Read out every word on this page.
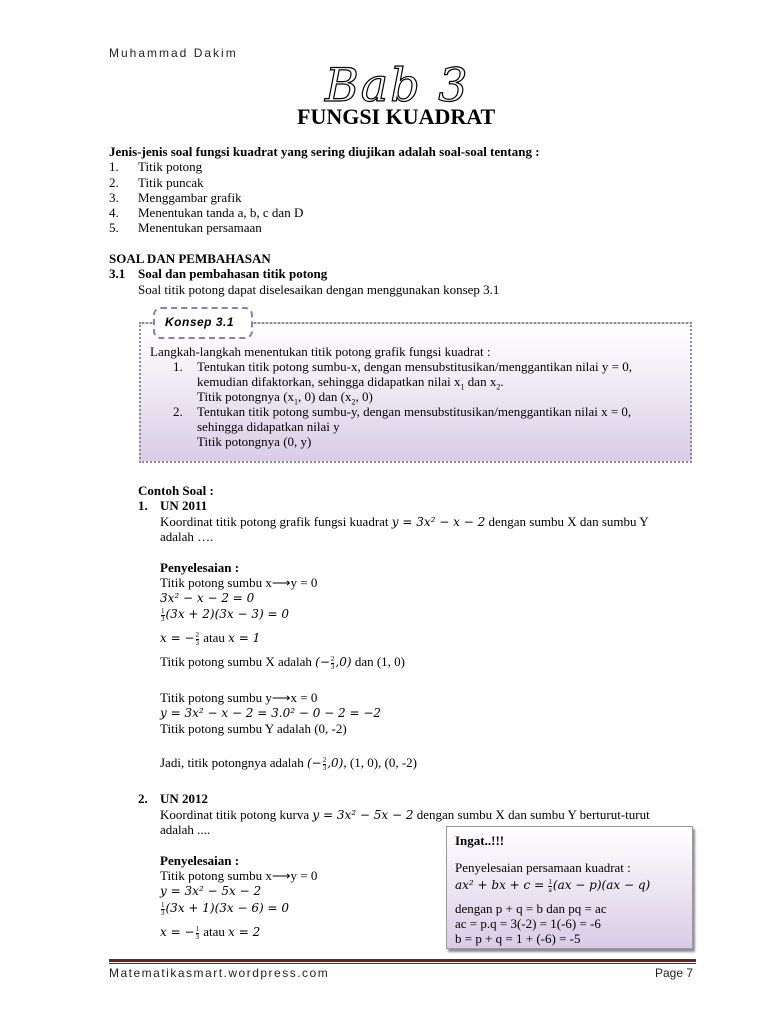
Muhammad Dakim
Bab 3
FUNGSI KUADRAT
Jenis-jenis soal fungsi kuadrat yang sering diujikan adalah soal-soal tentang :
1. Titik potong
2. Titik puncak
3. Menggambar grafik
4. Menentukan tanda a, b, c dan D
5. Menentukan persamaan
SOAL DAN PEMBAHASAN
3.1 Soal dan pembahasan titik potong
Soal titik potong dapat diselesaikan dengan menggunakan konsep 3.1
Konsep 3.1
Langkah-langkah menentukan titik potong grafik fungsi kuadrat :
1. Tentukan titik potong sumbu-x, dengan mensubstitusikan/menggantikan nilai y = 0,
kemudian difaktorkan, sehingga didapatkan nilai $x_1$ dan $x_2$.
Titik potongnya ($x_1$, 0) dan ($x_2$, 0)
2. Tentukan titik potong sumbu-y, dengan mensubstitusikan/menggantikan nilai x = 0,
sehingga didapatkan nilai y
Titik potongnya (0, y)
Contoh Soal :
1. UN 2011
Koordinat titik potong grafik fungsi kuadrat y = 3x² − x − 2 dengan sumbu X dan sumbu Y
adalah ….
Penyelesaian :
Titik potong sumbu x⟶y = 0
3x² − x − 2 = 0
$\frac{1}{3} (3x + 2)(3x - 3) = 0$
x = − $\frac{2}{3}$ atau x = 1
Titik potong sumbu X adalah (− $\frac{2}{3} ,0$) dan (1, 0)
Titik potong sumbu y⟶x = 0
y = 3x² − x − 2 = 3.0² − 0 − 2 = −2
Titik potong sumbu Y adalah (0, -2)
Jadi, titik potongnya adalah (− $\frac{2}{3} ,0$), (1, 0), (0, -2)
2. UN 2012
Koordinat titik potong kurva y = 3x² − 5x − 2 dengan sumbu X dan sumbu Y berturut-turut
adalah ....
Penyelesaian :
Titik potong sumbu x⟶y = 0
y = 3x² − 5x − 2
$\frac{1}{3} (3x + 1)(3x - 6) = 0$
x = − $\frac{1}{3}$ atau x = 2
Ingat..!!!
Penyelesaian persamaan kuadrat :
ax² + bx + $c = \frac{1}{a} (ax - p)(ax - q)$
dengan p + q = b dan pq = ac
ac = p.q = 3(-2) = 1(-6) = -6
b = p + q = 1 + (-6) = -5
Matematikasmart.wordpress.com	Page 7
